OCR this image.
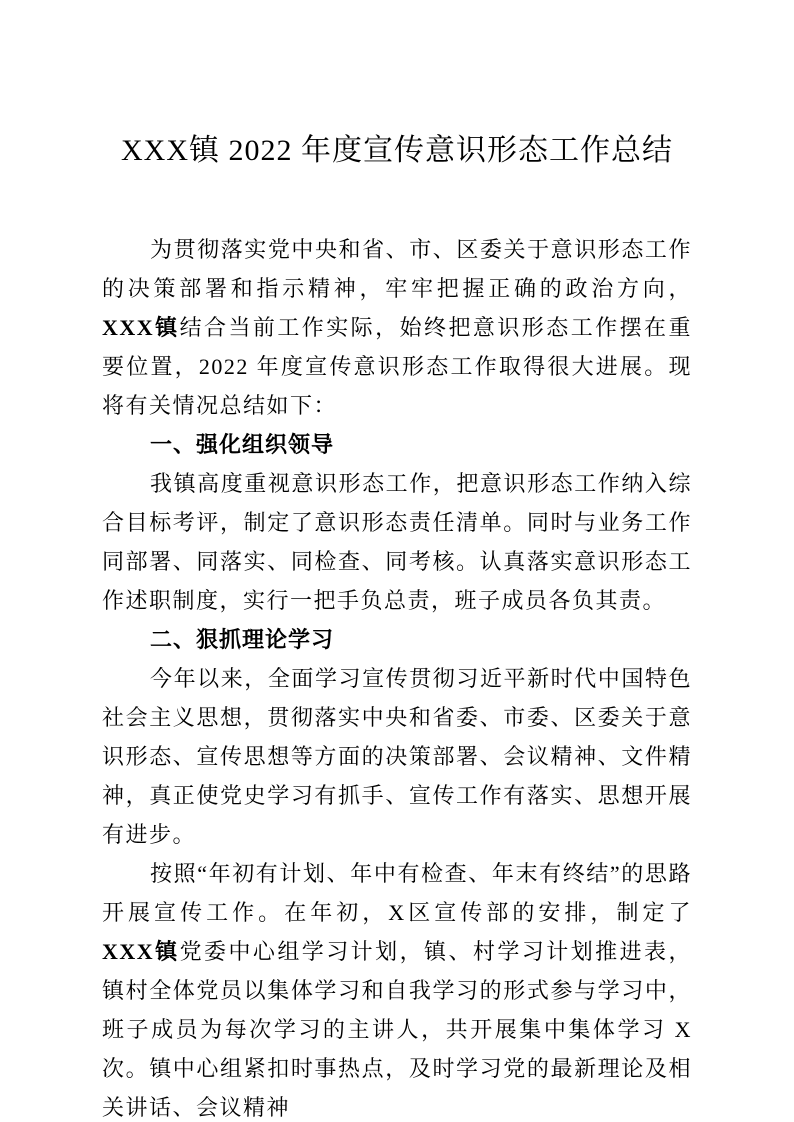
XXX镇 2022 年度宣传意识形态工作总结

为贯彻落实党中央和省、市、区委关于意识形态工作的决策部署和指示精神，牢牢把握正确的政治方向，XXX镇结合当前工作实际，始终把意识形态工作摆在重要位置，2022 年度宣传意识形态工作取得很大进展。现将有关情况总结如下：

一、强化组织领导

我镇高度重视意识形态工作，把意识形态工作纳入综合目标考评，制定了意识形态责任清单。同时与业务工作同部署、同落实、同检查、同考核。认真落实意识形态工作述职制度，实行一把手负总责，班子成员各负其责。

二、狠抓理论学习

今年以来，全面学习宣传贯彻习近平新时代中国特色社会主义思想，贯彻落实中央和省委、市委、区委关于意识形态、宣传思想等方面的决策部署、会议精神、文件精神，真正使党史学习有抓手、宣传工作有落实、思想开展有进步。

按照“年初有计划、年中有检查、年末有终结”的思路开展宣传工作。在年初，X区宣传部的安排，制定了 XXX镇党委中心组学习计划，镇、村学习计划推进表，镇村全体党员以集体学习和自我学习的形式参与学习中，班子成员为每次学习的主讲人，共开展集中集体学习 X 次。镇中心组紧扣时事热点，及时学习党的最新理论及相关讲话、会议精神
